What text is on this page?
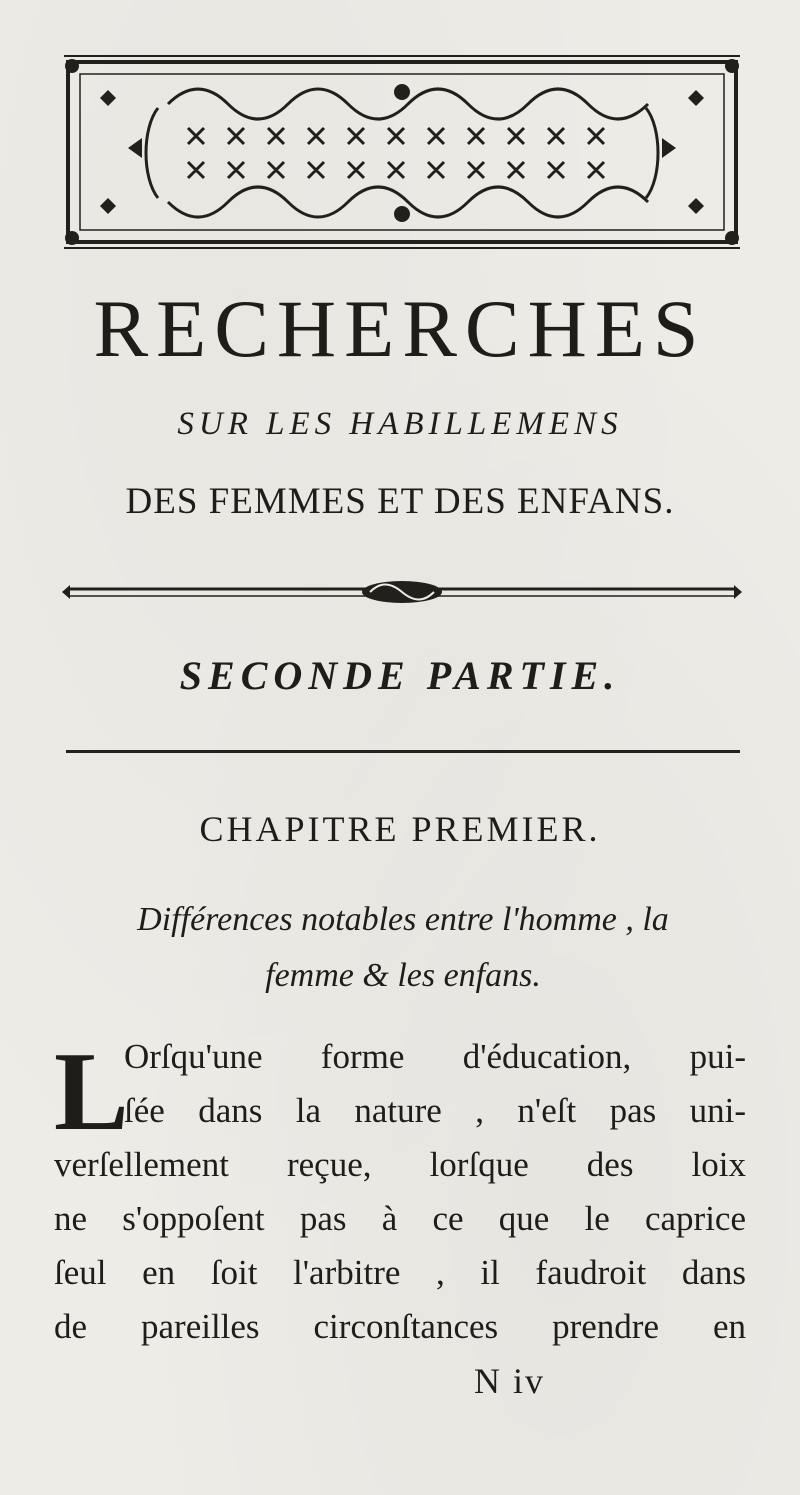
RECHERCHES
SUR LES HABILLEMENS
DES FEMMES ET DES ENFANS.
SECONDE PARTIE.
CHAPITRE PREMIER.
Différences notables entre l'homme , la
femme & les enfans.
L
Orſqu'une forme d'éducation, pui-
ſée dans la nature , n'eſt pas uni-
verſellement reçue, lorſque des loix
ne s'oppoſent pas à ce que le caprice
ſeul en ſoit l'arbitre , il faudroit dans
de pareilles circonſtances prendre en
N iv
